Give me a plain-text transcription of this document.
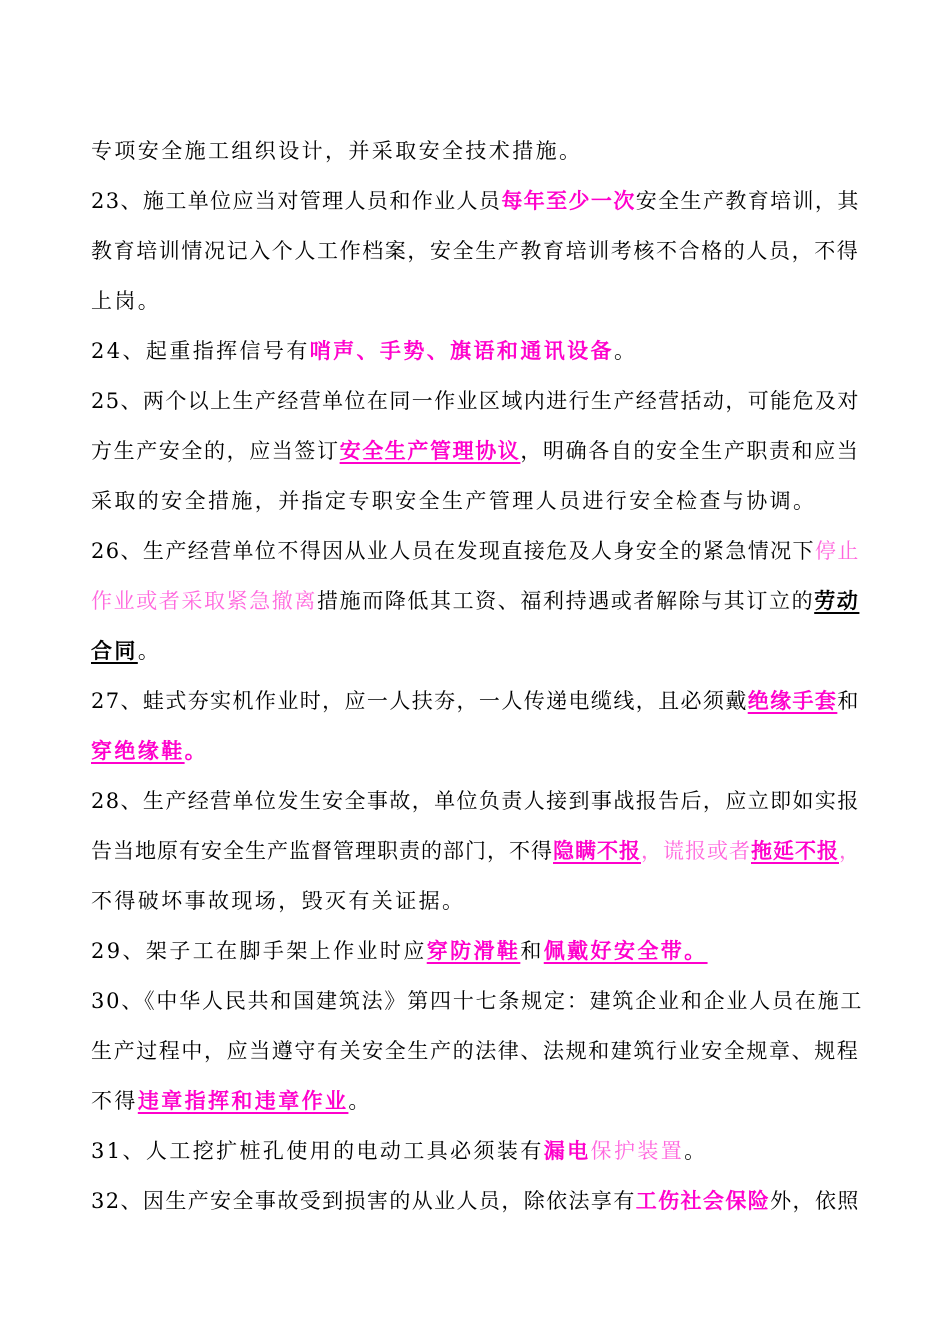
专项安全施工组织设计，并采取安全技术措施。
23、施工单位应当对管理人员和作业人员每年至少一次安全生产教育培训，其
教育培训情况记入个人工作档案，安全生产教育培训考核不合格的人员，不得
上岗。
24、起重指挥信号有哨声、手势、旗语和通讯设备。
25、两个以上生产经营单位在同一作业区域内进行生产经营括动，可能危及对
方生产安全的，应当签订安全生产管理协议，明确各自的安全生产职责和应当
采取的安全措施，并指定专职安全生产管理人员进行安全检查与协调。
26、生产经营单位不得因从业人员在发现直接危及人身安全的紧急情况下停止
作业或者采取紧急撤离措施而降低其工资、福利持遇或者解除与其订立的劳动
合同。
27、蛙式夯实机作业时，应一人扶夯，一人传递电缆线，且必须戴绝缘手套和
穿绝缘鞋。
28、生产经营单位发生安全事故，单位负责人接到事战报告后，应立即如实报
告当地原有安全生产监督管理职责的部门，不得隐瞒不报，谎报或者拖延不报，
不得破坏事故现场，毁灭有关证据。
29、架子工在脚手架上作业时应穿防滑鞋和佩戴好安全带。
30、《中华人民共和国建筑法》第四十七条规定：建筑企业和企业人员在施工
生产过程中，应当遵守有关安全生产的法律、法规和建筑行业安全规章、规程
不得违章指挥和违章作业。
31、人工挖扩桩孔使用的电动工具必须装有漏电保护装置。
32、因生产安全事故受到损害的从业人员，除依法享有工伤社会保险外，依照
